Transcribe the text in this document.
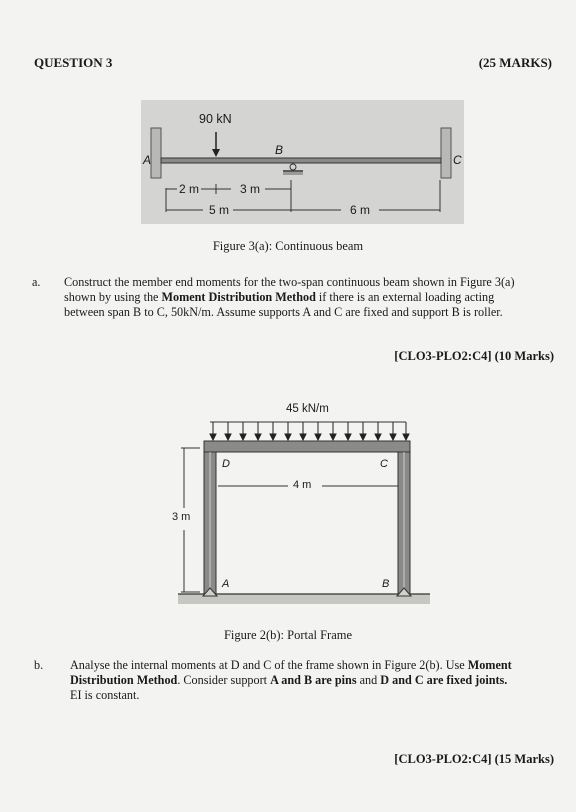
QUESTION 3	(25 MARKS)
90 kN
A
B
C
2 m	3 m
5 m	6 m
Figure 3(a): Continuous beam
a. Construct the member end moments for the two-span continuous beam shown in Figure 3(a)
shown by using the Moment Distribution Method if there is an external loading acting
between span B to C, 50kN/m. Assume supports A and C are fixed and support B is roller.
[CLO3-PLO2:C4] (10 Marks)
45 kN/m
D	C
A	B
4 m
3 m
Figure 2(b): Portal Frame
b. Analyse the internal moments at D and C of the frame shown in Figure 2(b). Use Moment
Distribution Method. Consider support A and B are pins and D and C are fixed joints.
EI is constant.
[CLO3-PLO2:C4] (15 Marks)
